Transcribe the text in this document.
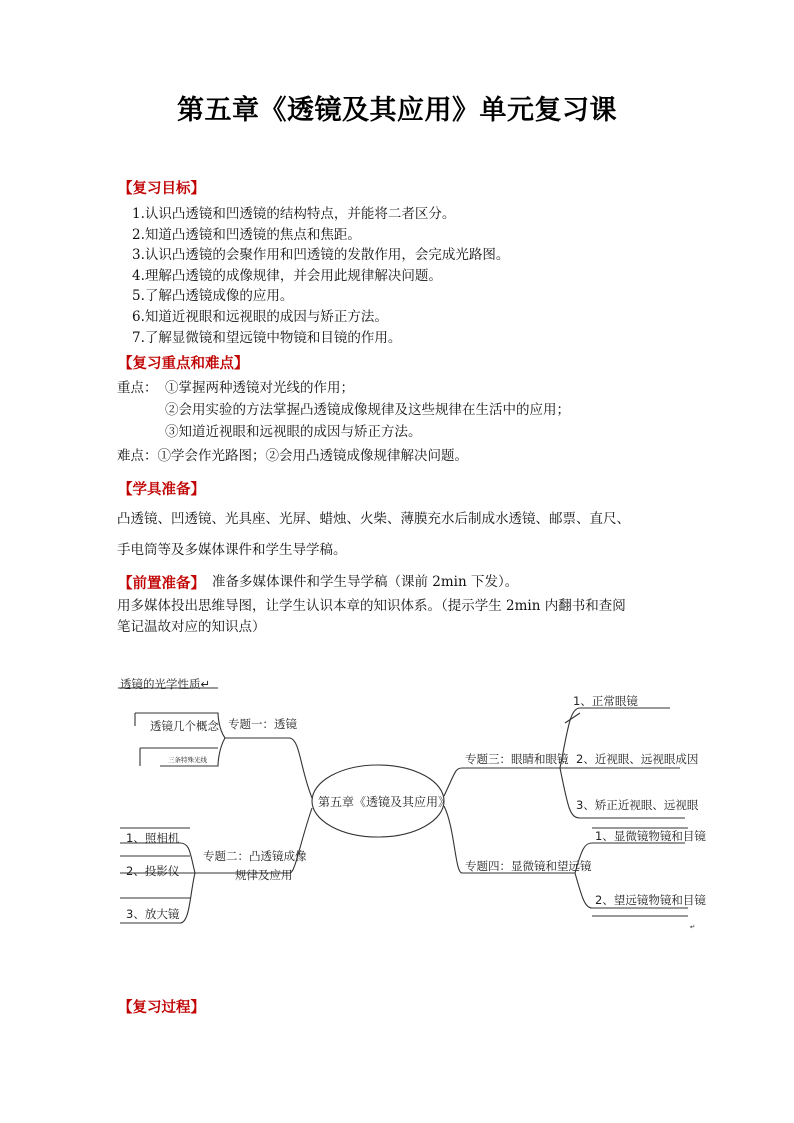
第五章《透镜及其应用》单元复习课
【复习目标】
1.认识凸透镜和凹透镜的结构特点，并能将二者区分。
2.知道凸透镜和凹透镜的焦点和焦距。
3.认识凸透镜的会聚作用和凹透镜的发散作用，会完成光路图。
4.理解凸透镜的成像规律，并会用此规律解决问题。
5.了解凸透镜成像的应用。
6.知道近视眼和远视眼的成因与矫正方法。
7.了解显微镜和望远镜中物镜和目镜的作用。
【复习重点和难点】
重点： ①掌握两种透镜对光线的作用；
②会用实验的方法掌握凸透镜成像规律及这些规律在生活中的应用；
③知道近视眼和远视眼的成因与矫正方法。
难点：①学会作光路图；②会用凸透镜成像规律解决问题。
【学具准备】
凸透镜、凹透镜、光具座、光屏、蜡烛、火柴、薄膜充水后制成水透镜、邮票、直尺、
手电筒等及多媒体课件和学生导学稿。
【前置准备】 准备多媒体课件和学生导学稿（课前 2min 下发）。
用多媒体投出思维导图，让学生认识本章的知识体系。（提示学生 2min 内翻书和查阅
笔记温故对应的知识点）
透镜的光学性质↵
第五章《透镜及其应用》
专题一：透镜
透镜几个概念
三条特殊光线
专题二：凸透镜成像
规律及应用
1、照相机
2、投影仪
3、放大镜
专题三：眼睛和眼镜
1、正常眼镜
2、近视眼、远视眼成因
3、矫正近视眼、远视眼
专题四：显微镜和望远镜
1、显微镜物镜和目镜
2、望远镜物镜和目镜
↵
【复习过程】
